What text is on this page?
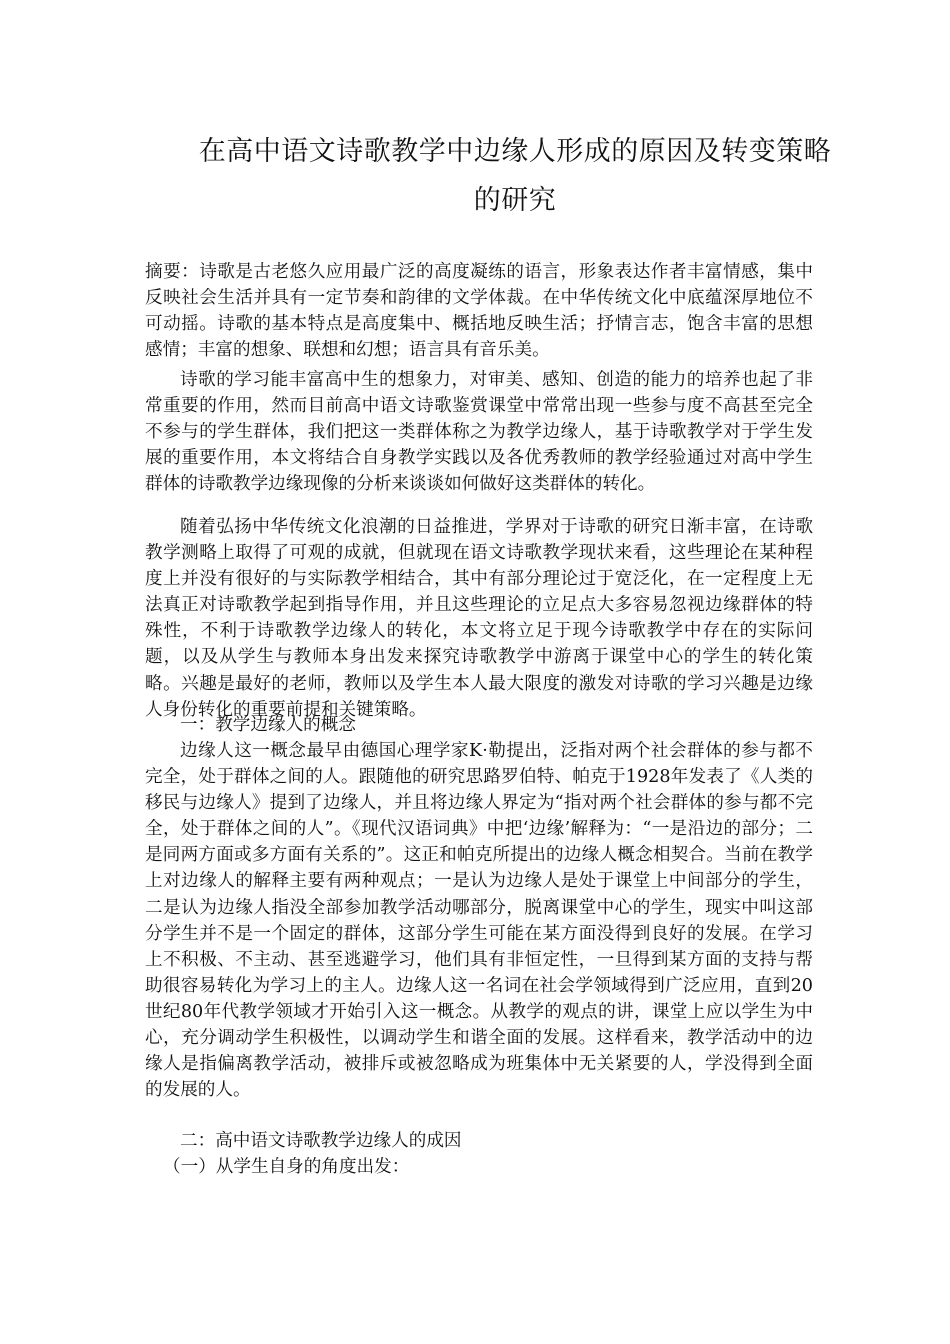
在高中语文诗歌教学中边缘人形成的原因及转变策略
的研究

摘要：诗歌是古老悠久应用最广泛的高度凝练的语言，形象表达作者丰富情感，集中反映社会生活并具有一定节奏和韵律的文学体裁。在中华传统文化中底蕴深厚地位不可动摇。诗歌的基本特点是高度集中、概括地反映生活；抒情言志，饱含丰富的思想感情；丰富的想象、联想和幻想；语言具有音乐美。

诗歌的学习能丰富高中生的想象力，对审美、感知、创造的能力的培养也起了非常重要的作用，然而目前高中语文诗歌鉴赏课堂中常常出现一些参与度不高甚至完全不参与的学生群体，我们把这一类群体称之为教学边缘人，基于诗歌教学对于学生发展的重要作用，本文将结合自身教学实践以及各优秀教师的教学经验通过对高中学生群体的诗歌教学边缘现像的分析来谈谈如何做好这类群体的转化。

随着弘扬中华传统文化浪潮的日益推进，学界对于诗歌的研究日渐丰富，在诗歌教学测略上取得了可观的成就，但就现在语文诗歌教学现状来看，这些理论在某种程度上并没有很好的与实际教学相结合，其中有部分理论过于宽泛化，在一定程度上无法真正对诗歌教学起到指导作用，并且这些理论的立足点大多容易忽视边缘群体的特殊性，不利于诗歌教学边缘人的转化，本文将立足于现今诗歌教学中存在的实际问题，以及从学生与教师本身出发来探究诗歌教学中游离于课堂中心的学生的转化策略。兴趣是最好的老师，教师以及学生本人最大限度的激发对诗歌的学习兴趣是边缘人身份转化的重要前提和关键策略。

一：教学边缘人的概念

边缘人这一概念最早由德国心理学家K·勒提出，泛指对两个社会群体的参与都不完全，处于群体之间的人。跟随他的研究思路罗伯特、帕克于1928年发表了《人类的移民与边缘人》提到了边缘人，并且将边缘人界定为“指对两个社会群体的参与都不完全，处于群体之间的人”。《现代汉语词典》中把‘边缘’解释为：“一是沿边的部分；二是同两方面或多方面有关系的”。这正和帕克所提出的边缘人概念相契合。当前在教学上对边缘人的解释主要有两种观点；一是认为边缘人是处于课堂上中间部分的学生，二是认为边缘人指没全部参加教学活动哪部分，脱离课堂中心的学生，现实中叫这部分学生并不是一个固定的群体，这部分学生可能在某方面没得到良好的发展。在学习上不积极、不主动、甚至逃避学习，他们具有非恒定性，一旦得到某方面的支持与帮助很容易转化为学习上的主人。边缘人这一名词在社会学领域得到广泛应用，直到20世纪80年代教学领域才开始引入这一概念。从教学的观点的讲，课堂上应以学生为中心，充分调动学生积极性，以调动学生和谐全面的发展。这样看来，教学活动中的边缘人是指偏离教学活动，被排斥或被忽略成为班集体中无关紧要的人，学没得到全面的发展的人。

二：高中语文诗歌教学边缘人的成因

（一）从学生自身的角度出发：
